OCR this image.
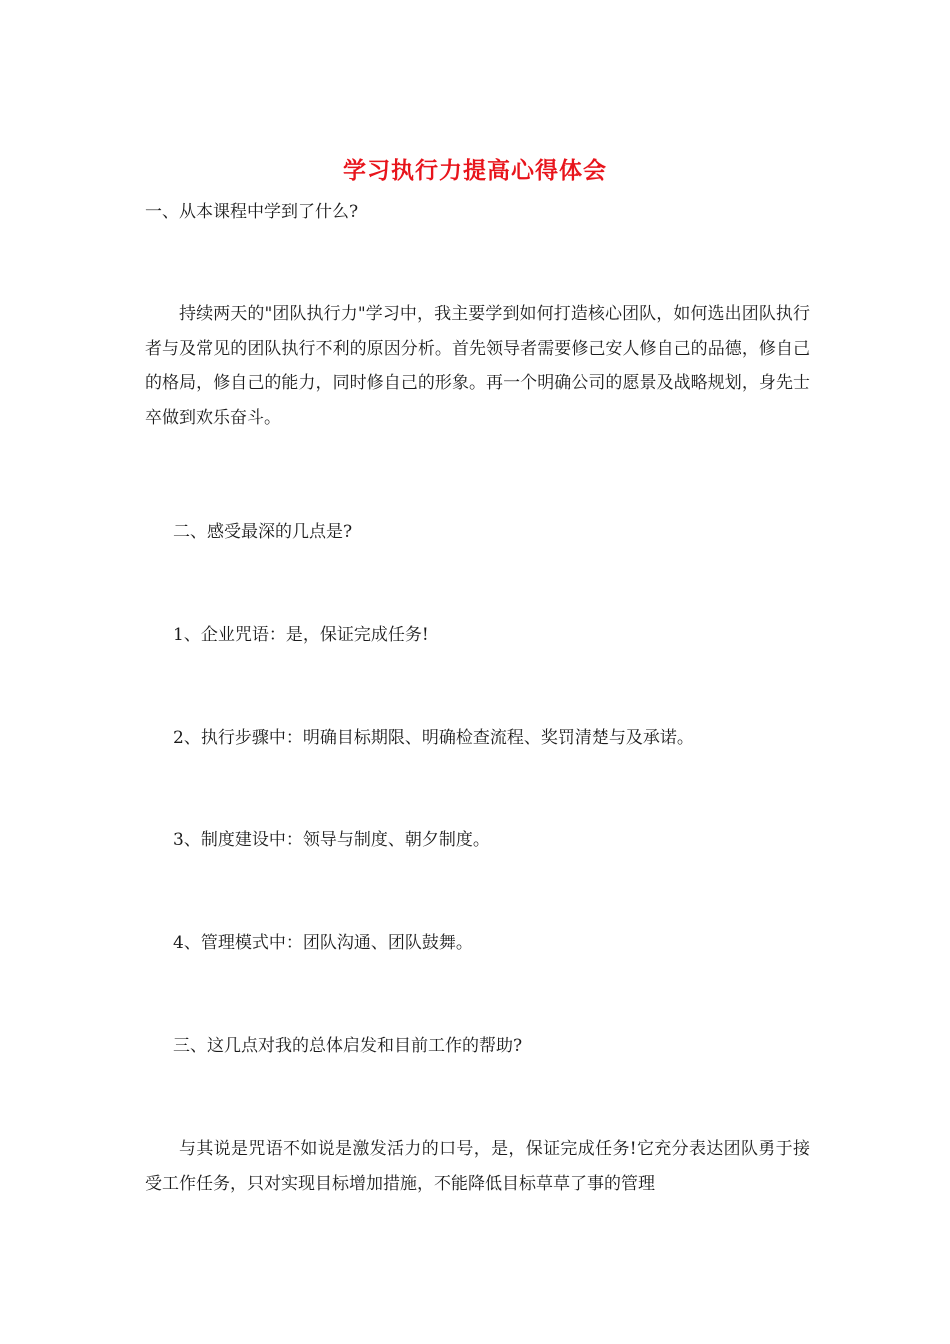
学习执行力提高心得体会
一、从本课程中学到了什么?
持续两天的"团队执行力"学习中，我主要学到如何打造核心团队，如何选出团队执行者与及常见的团队执行不利的原因分析。首先领导者需要修己安人修自己的品德，修自己的格局，修自己的能力，同时修自己的形象。再一个明确公司的愿景及战略规划，身先士卒做到欢乐奋斗。
二、感受最深的几点是?
1、企业咒语：是，保证完成任务!
2、执行步骤中：明确目标期限、明确检查流程、奖罚清楚与及承诺。
3、制度建设中：领导与制度、朝夕制度。
4、管理模式中：团队沟通、团队鼓舞。
三、这几点对我的总体启发和目前工作的帮助?
与其说是咒语不如说是激发活力的口号，是，保证完成任务!它充分表达团队勇于接受工作任务，只对实现目标增加措施，不能降低目标草草了事的管理
